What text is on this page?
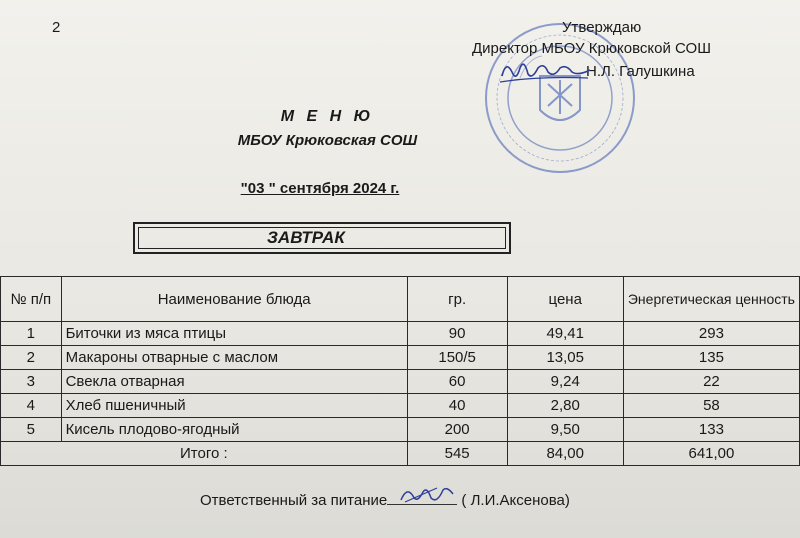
2	Утверждаю
Директор МБОУ Крюковской СОШ
Н.Л. Галушкина
М Е Н Ю
МБОУ Крюковская СОШ
"03 " сентября 2024 г.
ЗАВТРАК
№ п/п	Наименование блюда	гр.	цена	Энергетическая ценность
1	Биточки из мяса птицы	90	49,41	293
2	Макароны отварные с маслом	150/5	13,05	135
3	Свекла отварная	60	9,24	22
4	Хлеб пшеничный	40	2,80	58
5	Кисель плодово-ягодный	200	9,50	133
Итого :		545	84,00	641,00
Ответственный за питание	( Л.И.Аксенова)
